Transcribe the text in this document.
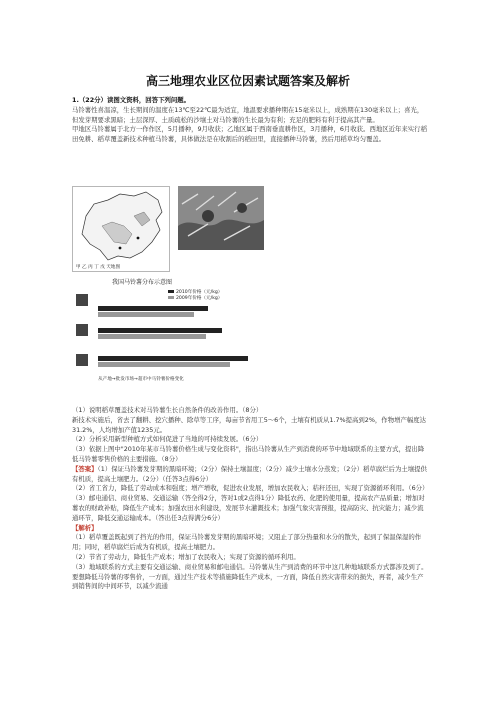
高三地理农业区位因素试题答案及解析
1.（22分）读图文资料，回答下列问题。
马铃薯性喜温凉，生长期间的温度在13℃至22℃最为适宜，地温要求播种期在15毫米以上，成熟期在130毫米以上；喜光，但发芽期要求黑暗；土层深厚、土质疏松的沙壤土对马铃薯的生长最为有利；充足的肥料有利于提高其产量。
甲地区马铃薯属于北方一作作区，5月播种，9月收获；乙地区属于西南垂直耕作区，3月播种，6月收获。西地区近年来实行稻田免耕、稻草覆盖新技术种植马铃薯，具体做法是在收割后的稻田里，直接播种马铃薯，然后用稻草均匀覆盖。
甲 乙 丙 丁 戊 天地图
我国马铃薯分布示意图
2010年价格（元/kg）
2009年价格（元/kg）
从产地→批发市场→超市中马铃薯价格变化
（1）说明稻草覆盖技术对马铃薯生长自然条件的改善作用。（8分）
新技术实施后，省去了翻耕、挖穴播种、除草等工序，每亩节省用工5～6个，土壤有机质从1.7%提高到2%，作物增产幅度达31.2%，人均增加产值1235元。
（2）分析采用新型种植方式如何促进了当地的可持续发展。（6分）
（3）依据上图中"2010年某市马铃薯价格生成与变化资料"，指出马铃薯从生产到消费的环节中地域联系的主要方式，提出降低马铃薯零售价格的主要措施。（8分）
【答案】（1）保证马铃薯发芽期的黑暗环境；（2分）保持土壤温度；（2分）减少土壤水分蒸发；（2分）稻草腐烂后为土壤提供有机质，提高土壤肥力。（2分）（任答3点得6分）
（2）省工省力，降低了劳动成本和强度；增产增收，促进农业发展，增加农民收入；秸秆还田，实现了资源循环利用。（6分）
（3）邮电通信、商业贸易、交通运输（答全得2分，答对1或2点得1分）降低农药、化肥的使用量，提高农产品质量；增加对薯农的财政补贴，降低生产成本；加强农田水利建设，发展节水灌溉技术；加强气象灾害预报，提高防灾、抗灾能力；减少流通环节，降低交通运输成本。（答出任3点得满分6分）
【解析】
（1）稻草覆盖既起到了挡光的作用，保证马铃薯发芽期的黑暗环境；又阻止了部分热量和水分的散失，起到了保温保湿的作用；同时，稻草腐烂后成为有机质，提高土壤肥力。
（2）节省了劳动力，降低生产成本；增加了农民收入；实现了资源的循环利用。
（3）地域联系的方式主要有交通运输、商业贸易和邮电通信。马铃薯从生产到消费的环节中这几种地域联系方式都涉及到了。要想降低马铃薯的零售价，一方面，通过生产技术等措施降低生产成本，一方面，降低自然灾害带来的损失，再者，减少生产到销售间的中间环节，以减少流通
